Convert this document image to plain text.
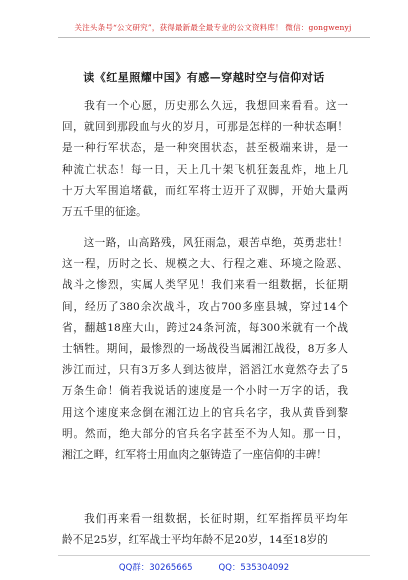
关注头条号“公文研究”，获得最新最全最专业的公文资料库！ 微信：gongwenyj
读《红星照耀中国》有感—穿越时空与信仰对话
我有一个心愿，历史那么久远，我想回来看看。这一
回，就回到那段血与火的岁月，可那是怎样的一种状态啊！
是一种行军状态，是一种突围状态，甚至极端来讲，是一
种流亡状态！每一日，天上几十架飞机狂轰乱炸，地上几
十万大军围追堵截，而红军将士迈开了双脚，开始大量两
万五千里的征途。
这一路，山高路残，风狂雨急，艰苦卓绝，英勇悲壮！
这一程，历时之长、规模之大、行程之难、环境之险恶、
战斗之惨烈，实属人类罕见！我们来看一组数据，长征期
间，经历了380余次战斗，攻占700多座县城，穿过14个
省，翻越18座大山，跨过24条河流，每300米就有一个战
士牺牲。期间，最惨烈的一场战役当属湘江战役，8万多人
涉江而过，只有3万多人到达彼岸，滔滔江水竟然夺去了5
万条生命！倘若我说话的速度是一个小时一万字的话，我
用这个速度来念倒在湘江边上的官兵名字，我从黄昏到黎
明。然而，绝大部分的官兵名字甚至不为人知。那一日，
湘江之畔，红军将士用血肉之躯铸造了一座信仰的丰碑！
QQ群：30265665	QQ：535304092
我们再来看一组数据，长征时期，红军指挥员平均年
龄不足25岁，红军战士平均年龄不足20岁，14至18岁的
